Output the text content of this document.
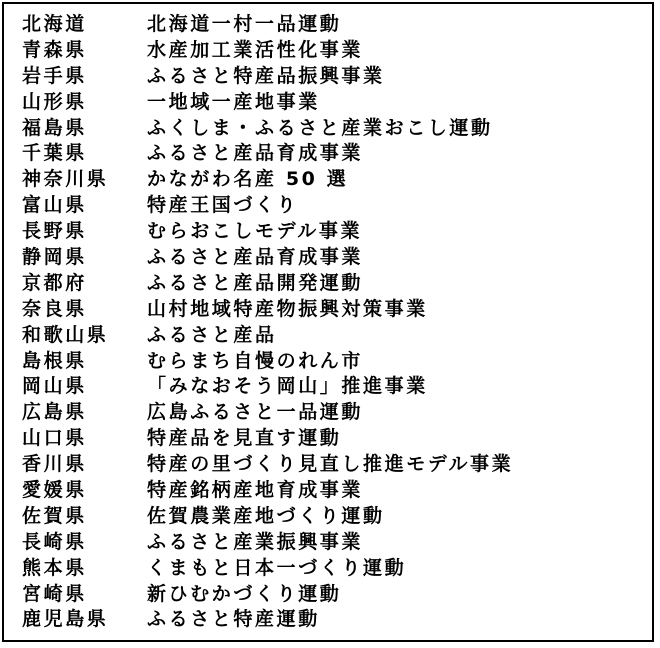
北海道	北海道一村一品運動
青森県	水産加工業活性化事業
岩手県	ふるさと特産品振興事業
山形県	一地域一産地事業
福島県	ふくしま・ふるさと産業おこし運動
千葉県	ふるさと産品育成事業
神奈川県 かながわ名産 50 選
富山県	特産王国づくり
長野県	むらおこしモデル事業
静岡県	ふるさと産品育成事業
京都府	ふるさと産品開発運動
奈良県	山村地域特産物振興対策事業
和歌山県 ふるさと産品
島根県	むらまち自慢のれん市
岡山県	「みなおそう岡山」推進事業
広島県	広島ふるさと一品運動
山口県	特産品を見直す運動
香川県	特産の里づくり見直し推進モデル事業
愛媛県	特産銘柄産地育成事業
佐賀県	佐賀農業産地づくり運動
長崎県	ふるさと産業振興事業
熊本県	くまもと日本一づくり運動
宮崎県	新ひむかづくり運動
鹿児島県 ふるさと特産運動
